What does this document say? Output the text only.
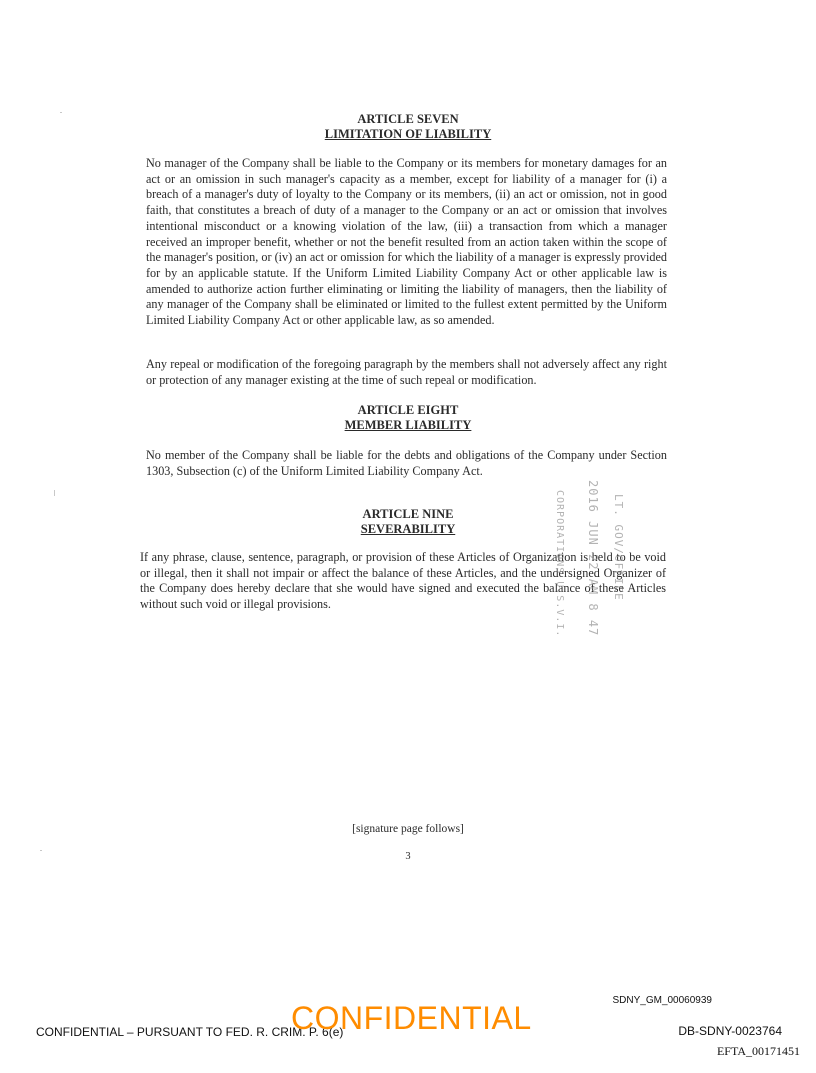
ARTICLE SEVEN
LIMITATION OF LIABILITY

No manager of the Company shall be liable to the Company or its members for monetary damages for an act or an omission in such manager's capacity as a member, except for liability of a manager for (i) a breach of a manager's duty of loyalty to the Company or its members, (ii) an act or omission, not in good faith, that constitutes a breach of duty of a manager to the Company or an act or omission that involves intentional misconduct or a knowing violation of the law, (iii) a transaction from which a manager received an improper benefit, whether or not the benefit resulted from an action taken within the scope of the manager's position, or (iv) an act or omission for which the liability of a manager is expressly provided for by an applicable statute. If the Uniform Limited Liability Company Act or other applicable law is amended to authorize action further eliminating or limiting the liability of managers, then the liability of any manager of the Company shall be eliminated or limited to the fullest extent permitted by the Uniform Limited Liability Company Act or other applicable law, as so amended.

Any repeal or modification of the foregoing paragraph by the members shall not adversely affect any right or protection of any manager existing at the time of such repeal or modification.

ARTICLE EIGHT
MEMBER LIABILITY

No member of the Company shall be liable for the debts and obligations of the Company under Section 1303, Subsection (c) of the Uniform Limited Liability Company Act.

ARTICLE NINE
SEVERABILITY

If any phrase, clause, sentence, paragraph, or provision of these Articles of Organization is held to be void or illegal, then it shall not impair or affect the balance of these Articles, and the undersigned Organizer of the Company does hereby declare that she would have signed and executed the balance of these Articles without such void or illegal provisions.	2016 JUN 22 AM 8 47 LT. GOV/OFFICE
CORPORATIONS U.S.V.I.
[signature page follows]
3
SDNY_GM_00060939
CONFIDENTIAL – PURSUANT TO FED. R. CRIM. P. 6(e)
CONFIDENTIAL	DB-SDNY-0023764
EFTA_00171451
